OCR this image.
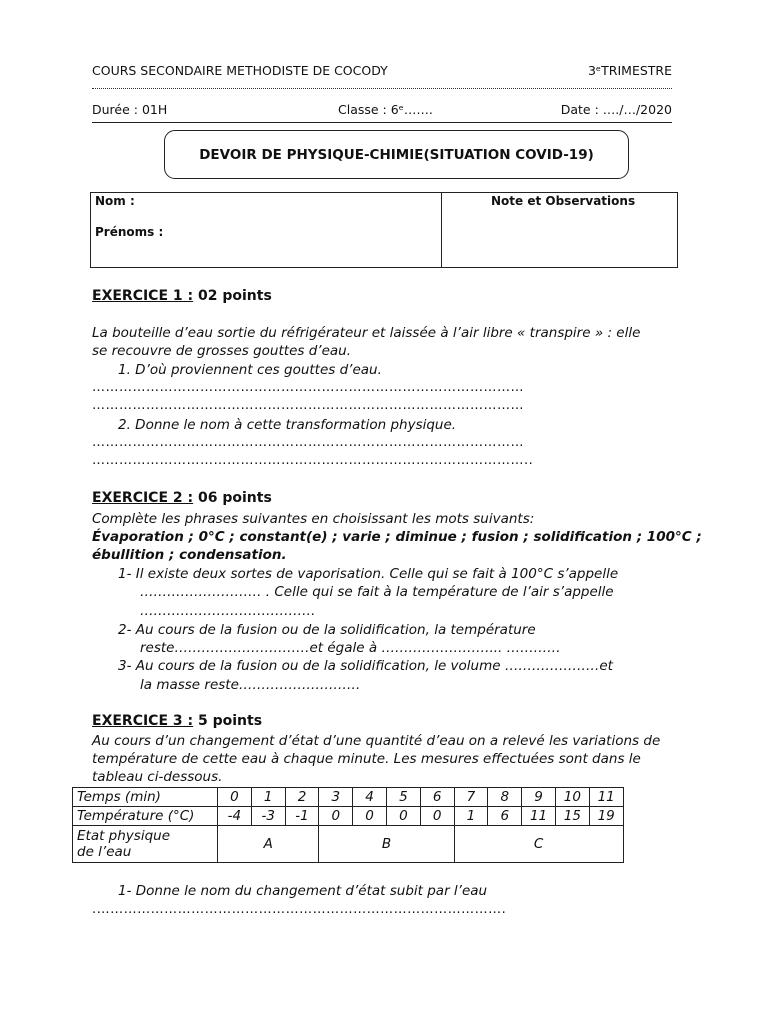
COURS SECONDAIRE METHODISTE DE COCODY	3ᵉTRIMESTRE
Durée : 01H	Classe : 6ᵉ…….	Date : …./…/2020
DEVOIR DE PHYSIQUE-CHIMIE (SITUATION COVID-19)
Nom :
Prénoms :
Note et Observations
EXERCICE 1 : 02 points
La bouteille d’eau sortie du réfrigérateur et laissée à l’air libre « transpire » : elle
se recouvre de grosses gouttes d’eau.
1. D’où proviennent ces gouttes d’eau.
……………………………………………………………………………………
……………………………………………………………………………………
2. Donne le nom à cette transformation physique.
……………………………………………………………………………………
……………………………………………………………………………………..
EXERCICE 2 : 06 points
Complète les phrases suivantes en choisissant les mots suivants:
Évaporation ; 0°C ; constant(e) ; varie ; diminue ; fusion ; solidification ; 100°C ;
ébullition ; condensation.
1- Il existe deux sortes de vaporisation. Celle qui se fait à 100°C s’appelle
……………………… . Celle qui se fait à la température de l’air s’appelle
…………………………………
2- Au cours de la fusion ou de la solidification, la température
reste…………………………et égale à ……………………... …………
3- Au cours de la fusion ou de la solidification, le volume …………………et
la masse reste………………………
EXERCICE 3 : 5 points
Au cours d’un changement d’état d’une quantité d’eau on a relevé les variations de
température de cette eau à chaque minute. Les mesures effectuées sont dans le
tableau ci-dessous.
Temps (min)	0	1	2	3	4	5	6	7	8	9	10	11
Température (°C)	-4	-3	-1	0	0	0	0	1	6	11	15	19

Etat physique
de l’eau	A			B				C				
1- Donne le nom du changement d’état subit par l’eau
.……………………………………………………………………………….
